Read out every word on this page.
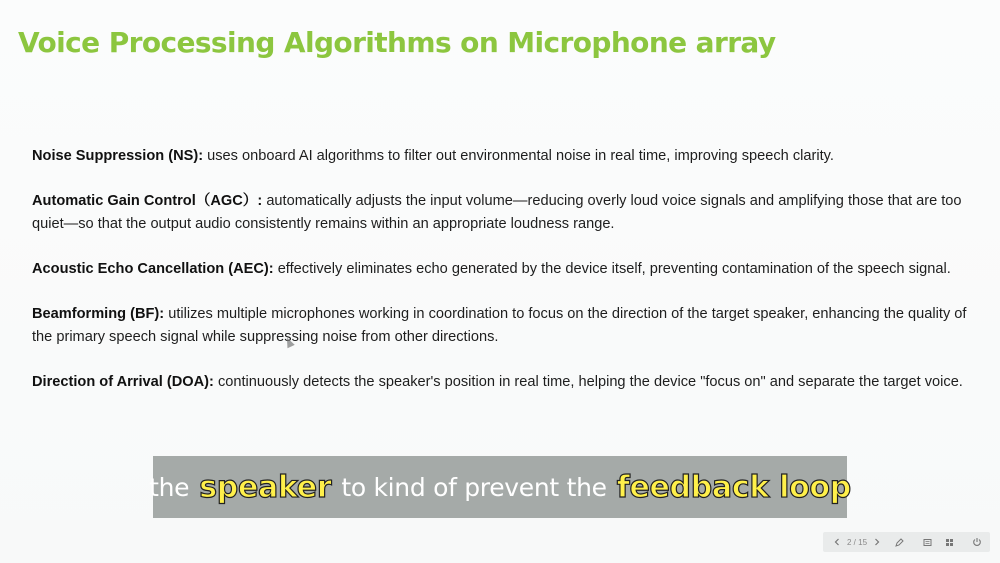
Voice Processing Algorithms on Microphone array

Noise Suppression (NS): uses onboard AI algorithms to filter out environmental noise in real time, improving speech clarity.

Automatic Gain Control（AGC）: automatically adjusts the input volume—reducing overly loud voice signals and amplifying those that are too quiet—so that the output audio consistently remains within an appropriate loudness range.

Acoustic Echo Cancellation (AEC): effectively eliminates echo generated by the device itself, preventing contamination of the speech signal.

Beamforming (BF): utilizes multiple microphones working in coordination to focus on the direction of the target speaker, enhancing the quality of the primary speech signal while suppressing noise from other directions.

Direction of Arrival (DOA): continuously detects the speaker's position in real time, helping the device "focus on" and separate the target voice.

the speaker to kind of prevent the feedback loop
2 / 15
